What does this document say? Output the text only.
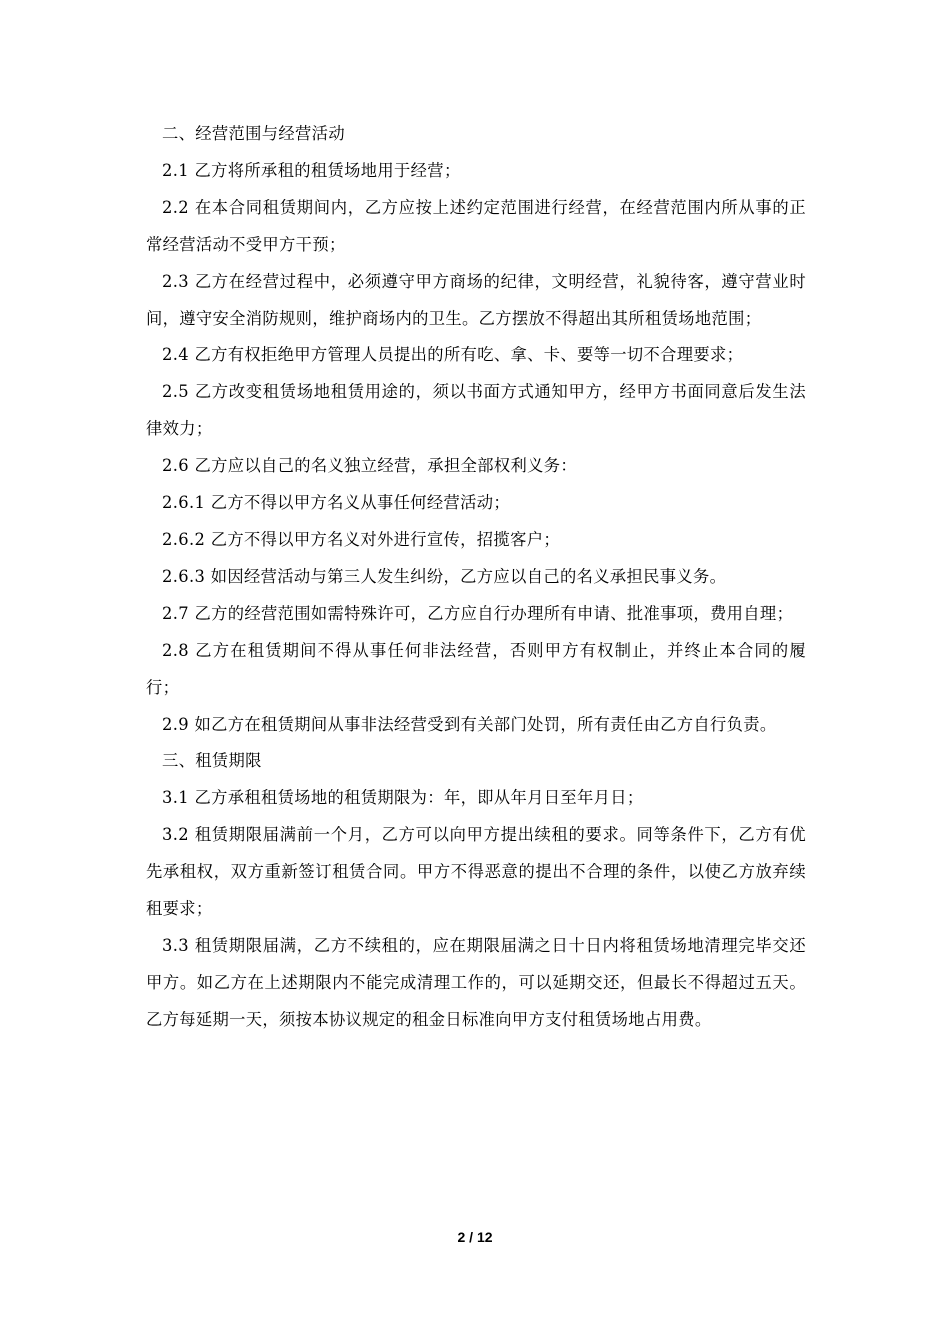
二、经营范围与经营活动

2.1 乙方将所承租的租赁场地用于经营；

2.2 在本合同租赁期间内，乙方应按上述约定范围进行经营，在经营范围内所从事的正常经营活动不受甲方干预；

2.3 乙方在经营过程中，必须遵守甲方商场的纪律，文明经营，礼貌待客，遵守营业时间，遵守安全消防规则，维护商场内的卫生。乙方摆放不得超出其所租赁场地范围；

2.4 乙方有权拒绝甲方管理人员提出的所有吃、拿、卡、要等一切不合理要求；

2.5 乙方改变租赁场地租赁用途的，须以书面方式通知甲方，经甲方书面同意后发生法律效力；

2.6 乙方应以自己的名义独立经营，承担全部权利义务：

2.6.1 乙方不得以甲方名义从事任何经营活动；

2.6.2 乙方不得以甲方名义对外进行宣传，招揽客户；

2.6.3 如因经营活动与第三人发生纠纷，乙方应以自己的名义承担民事义务。

2.7 乙方的经营范围如需特殊许可，乙方应自行办理所有申请、批准事项，费用自理；

2.8 乙方在租赁期间不得从事任何非法经营，否则甲方有权制止，并终止本合同的履行；

2.9 如乙方在租赁期间从事非法经营受到有关部门处罚，所有责任由乙方自行负责。

三、租赁期限

3.1 乙方承租租赁场地的租赁期限为：年，即从年月日至年月日；

3.2 租赁期限届满前一个月，乙方可以向甲方提出续租的要求。同等条件下，乙方有优先承租权，双方重新签订租赁合同。甲方不得恶意的提出不合理的条件，以使乙方放弃续租要求；

3.3 租赁期限届满，乙方不续租的，应在期限届满之日十日内将租赁场地清理完毕交还甲方。如乙方在上述期限内不能完成清理工作的，可以延期交还，但最长不得超过五天。乙方每延期一天，须按本协议规定的租金日标准向甲方支付租赁场地占用费。

2 / 12
